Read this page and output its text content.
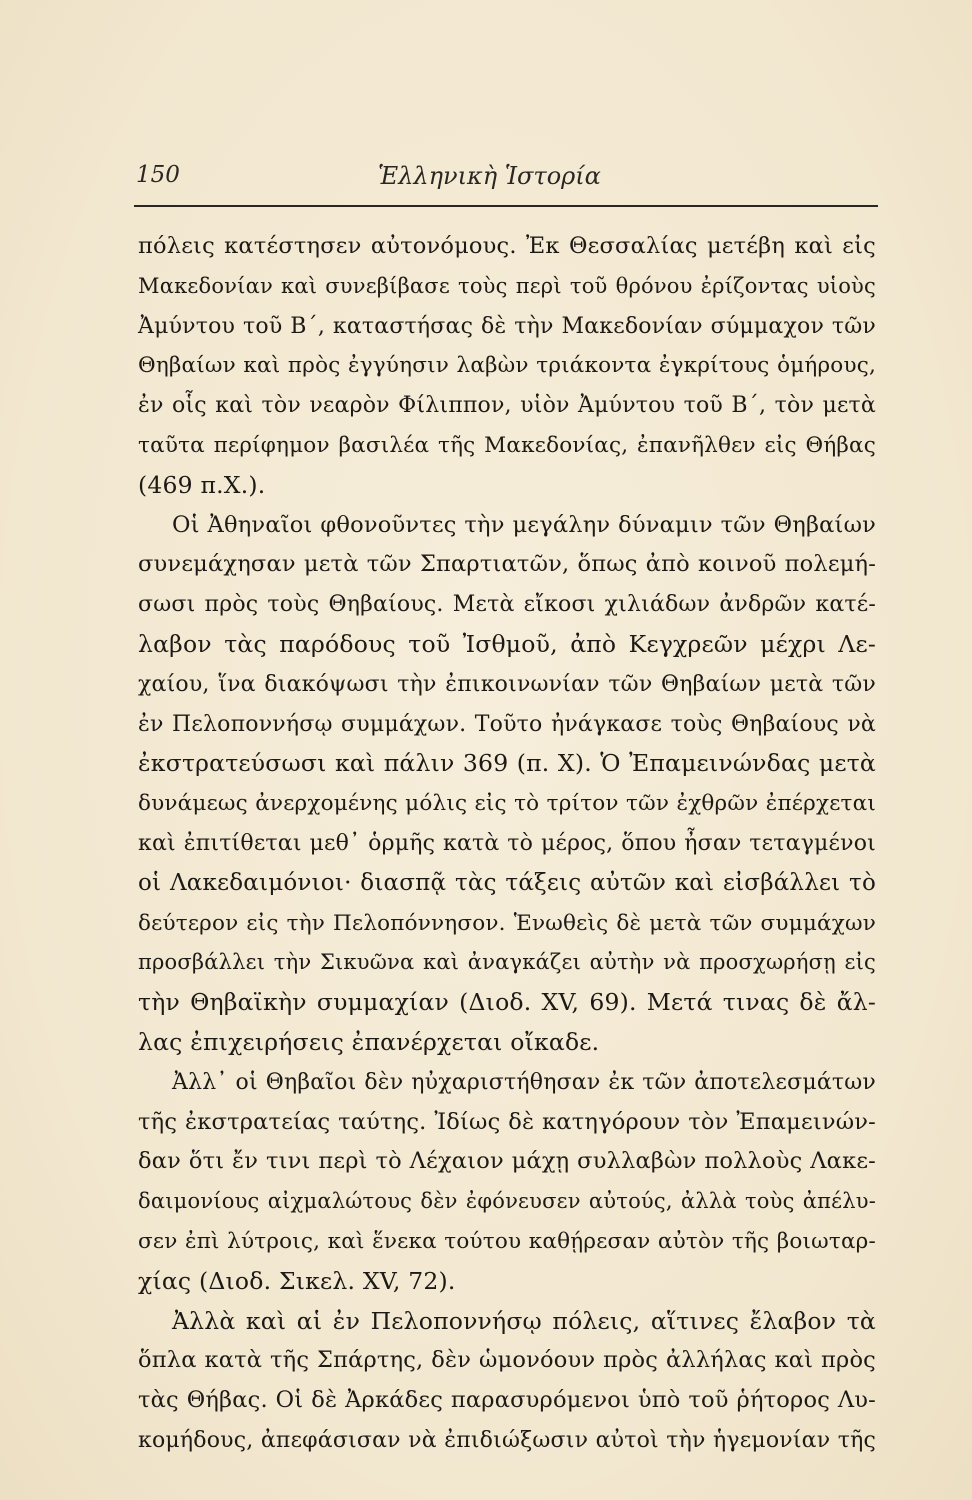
150	Ἑλληνικὴ Ἱστορία
πόλεις κατέστησεν αὐτονόμους. Ἐκ Θεσσαλίας μετέβη καὶ εἰς
Μακεδονίαν καὶ συνεβίβασε τοὺς περὶ τοῦ θρόνου ἐρίζοντας υἱοὺς
Ἀμύντου τοῦ Β΄, καταστήσας δὲ τὴν Μακεδονίαν σύμμαχον τῶν
Θηβαίων καὶ πρὸς ἐγγύησιν λαβὼν τριάκοντα ἐγκρίτους ὁμήρους,
ἐν οἷς καὶ τὸν νεαρὸν Φίλιππον, υἱὸν Ἀμύντου τοῦ Β΄, τὸν μετὰ
ταῦτα περίφημον βασιλέα τῆς Μακεδονίας, ἐπανῆλθεν εἰς Θήβας
(469 π.Χ.).
Οἱ Ἀθηναῖοι φθονοῦντες τὴν μεγάλην δύναμιν τῶν Θηβαίων
συνεμάχησαν μετὰ τῶν Σπαρτιατῶν, ὅπως ἀπὸ κοινοῦ πολεμή-
σωσι πρὸς τοὺς Θηβαίους. Μετὰ εἴκοσι χιλιάδων ἀνδρῶν κατέ-
λαβον τὰς παρόδους τοῦ Ἰσθμοῦ, ἀπὸ Κεγχρεῶν μέχρι Λε-
χαίου, ἵνα διακόψωσι τὴν ἐπικοινωνίαν τῶν Θηβαίων μετὰ τῶν
ἐν Πελοποννήσῳ συμμάχων. Τοῦτο ἠνάγκασε τοὺς Θηβαίους νὰ
ἐκστρατεύσωσι καὶ πάλιν 369 (π. Χ). Ὁ Ἐπαμεινώνδας μετὰ
δυνάμεως ἀνερχομένης μόλις εἰς τὸ τρίτον τῶν ἐχθρῶν ἐπέρχεται
καὶ ἐπιτίθεται μεθ᾽ ὁρμῆς κατὰ τὸ μέρος, ὅπου ἦσαν τεταγμένοι
οἱ Λακεδαιμόνιοι· διασπᾷ τὰς τάξεις αὐτῶν καὶ εἰσβάλλει τὸ
δεύτερον εἰς τὴν Πελοπόννησον. Ἑνωθεὶς δὲ μετὰ τῶν συμμάχων
προσβάλλει τὴν Σικυῶνα καὶ ἀναγκάζει αὐτὴν νὰ προσχωρήσῃ εἰς
τὴν Θηβαϊκὴν συμμαχίαν (Διοδ. XV, 69). Μετά τινας δὲ ἄλ-
λας ἐπιχειρήσεις ἐπανέρχεται οἴκαδε.
Ἀλλ᾽ οἱ Θηβαῖοι δὲν ηὐχαριστήθησαν ἐκ τῶν ἀποτελεσμάτων
τῆς ἐκστρατείας ταύτης. Ἰδίως δὲ κατηγόρουν τὸν Ἐπαμεινών-
δαν ὅτι ἔν τινι περὶ τὸ Λέχαιον μάχῃ συλλαβὼν πολλοὺς Λακε-
δαιμονίους αἰχμαλώτους δὲν ἐφόνευσεν αὐτούς, ἀλλὰ τοὺς ἀπέλυ-
σεν ἐπὶ λύτροις, καὶ ἕνεκα τούτου καθῄρεσαν αὐτὸν τῆς βοιωταρ-
χίας (Διοδ. Σικελ. XV, 72).
Ἀλλὰ καὶ αἱ ἐν Πελοποννήσῳ πόλεις, αἵτινες ἔλαβον τὰ
ὅπλα κατὰ τῆς Σπάρτης, δὲν ὡμονόουν πρὸς ἀλλήλας καὶ πρὸς
τὰς Θήβας. Οἱ δὲ Ἀρκάδες παρασυρόμενοι ὑπὸ τοῦ ῥήτορος Λυ-
κομήδους, ἀπεφάσισαν νὰ ἐπιδιώξωσιν αὐτοὶ τὴν ἡγεμονίαν τῆς
